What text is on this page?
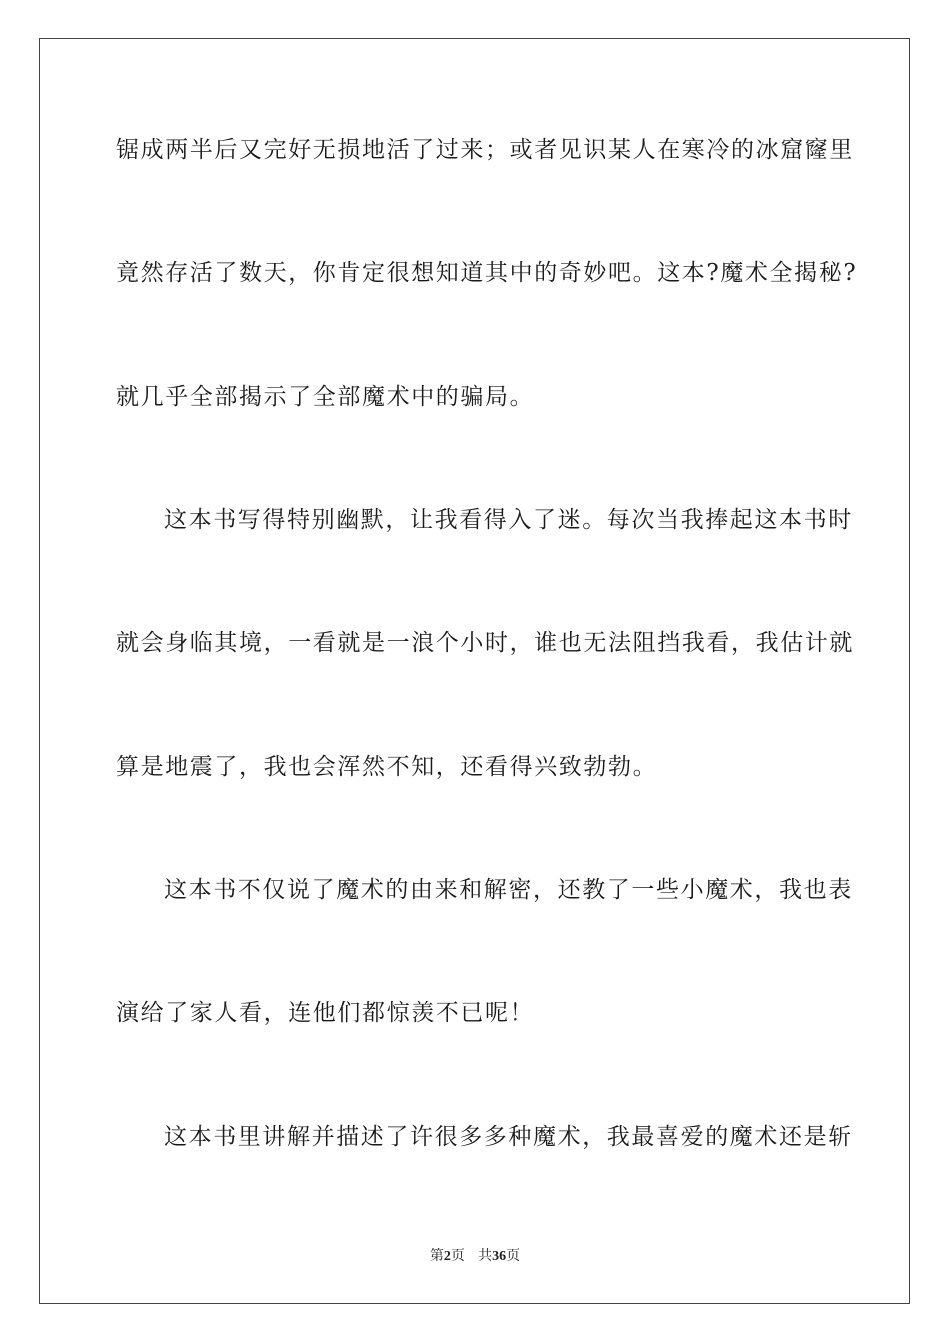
锯成两半后又完好无损地活了过来；或者见识某人在寒冷的冰窟窿里
竟然存活了数天，你肯定很想知道其中的奇妙吧。这本?魔术全揭秘?
就几乎全部揭示了全部魔术中的骗局。
这本书写得特别幽默，让我看得入了迷。每次当我捧起这本书时
就会身临其境，一看就是一浪个小时，谁也无法阻挡我看，我估计就
算是地震了，我也会浑然不知，还看得兴致勃勃。
这本书不仅说了魔术的由来和解密，还教了一些小魔术，我也表
演给了家人看，连他们都惊羡不已呢！
这本书里讲解并描述了许很多多种魔术，我最喜爱的魔术还是斩
第2页 共36页
